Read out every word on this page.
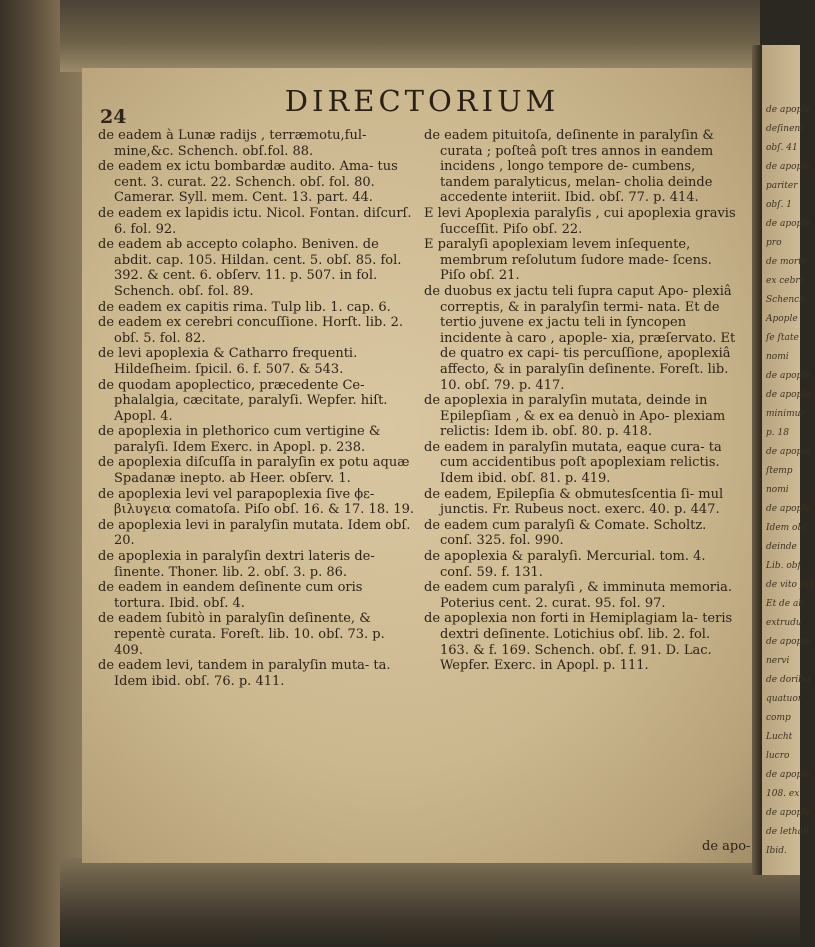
DIRECTORIUM
de eadem à Lunæ radijs , terræmotu,ful- mine,&c. Schench. obſ.fol. 88.
de eadem ex ictu bombardæ audito. Ama- tus cent. 3. curat. 22. Schench. obſ. fol. 80. Camerar. Syll. mem. Cent. 13. part. 44.
de eadem ex lapidis ictu. Nicol. Fontan. diſcurſ. 6. fol. 92.
de eadem ab accepto colapho. Beniven. de abdit. cap. 105. Hildan. cent. 5. obſ. 85. fol. 392. & cent. 6. obſerv. 11. p. 507. in fol. Schench. obſ. fol. 89.
de eadem ex capitis rima. Tulp lib. 1. cap. 6.
de eadem ex cerebri concuſſione. Horſt. lib. 2. obſ. 5. fol. 82.
de levi apoplexia & Catharro frequenti. Hildeſheim. ſpicil. 6. f. 507. & 543.
de quodam apoplectico, præcedente Ce- phalalgia, cæcitate, paralyſi. Wepfer. hiſt. Apopl. 4.
de apoplexia in plethorico cum vertigine & paralyſi. Idem Exerc. in Apopl. p. 238.
de apoplexia diſcuſſa in paralyſin ex potu aquæ Spadanæ inepto. ab Heer. obſerv. 1.
de apoplexia levi vel parapoplexia ſive ϕε- βιλυγεια comatoſa. Piſo obſ. 16. & 17. 18. 19.
de apoplexia levi in paralyſin mutata. Idem obſ. 20.
de apoplexia in paralyſin dextri lateris de- ſinente. Thoner. lib. 2. obſ. 3. p. 86.
de eadem in eandem deſinente cum oris tortura. Ibid. obſ. 4.
de eadem ſubitò in paralyſin deſinente, & repentè curata. Foreſt. lib. 10. obſ. 73. p. 409.
de eadem levi, tandem in paralyſin muta- ta. Idem ibid. obſ. 76. p. 411.
de eadem pituitoſa, deſinente in paralyſin & curata ; poſteâ poſt tres annos in eandem incidens , longo tempore de- cumbens, tandem paralyticus, melan- cholia deinde accedente interiit. Ibid. obſ. 77. p. 414.
E levi Apoplexia paralyſis , cui apoplexia gravis ſucceſſit. Piſo obſ. 22.
E paralyſi apoplexiam levem inſequente, membrum reſolutum ſudore made- ſcens. Piſo obſ. 21.
de duobus ex jactu teli ſupra caput Apo- plexiâ correptis, & in paralyſin termi- nata. Et de tertio juvene ex jactu teli in ſyncopen incidente à caro , apople- xia, præſervato. Et de quatro ex capi- tis percuſſione, apoplexiâ affecto, & in paralyſin deſinente. Foreſt. lib. 10. obſ. 79. p. 417.
de apoplexia in paralyſin mutata, deinde in Epilepſiam , & ex ea denuò in Apo- plexiam relictis: Idem ib. obſ. 80. p. 418.
de eadem in paralyſin mutata, eaque cura- ta cum accidentibus poſt apoplexiam relictis. Idem ibid. obſ. 81. p. 419.
de eadem, Epilepſia & obmutesſcentia ſi- mul junctis. Fr. Rubeus noct. exerc. 40. p. 447.
de eadem cum paralyſi & Comate. Scholtz. conſ. 325. fol. 990.
de apoplexia & paralyſi. Mercurial. tom. 4. conſ. 59. f. 131.
de eadem cum paralyſi , & imminuta memoria. Poterius cent. 2. curat. 95. fol. 97.
de apoplexia non forti in Hemiplagiam la- teris dextri deſinente. Lotichius obſ. lib. 2. fol. 163. & f. 169. Schench. obſ. f. 91. D. Lac. Wepfer. Exerc. in Apopl. p. 111.
de apo-
24	de apople
deſinent
obſ. 41
de apople
pariter
obſ. 1
de apople
pro
de morte
ex cebro
Schench.
Apople
ſe ſtate
nomi
de apople
de apople
minimur
p. 18
de apople
ſtemp
nomi
de apople
Idem obſ.
deinde
Lib. obſ.
de vito ſub
Et de ab
extrudu
de apople
nervi
de doribu
quatuor
comp
Lucht
lucro
de apople
108. ex
de apople
de lethali
Ibid.
